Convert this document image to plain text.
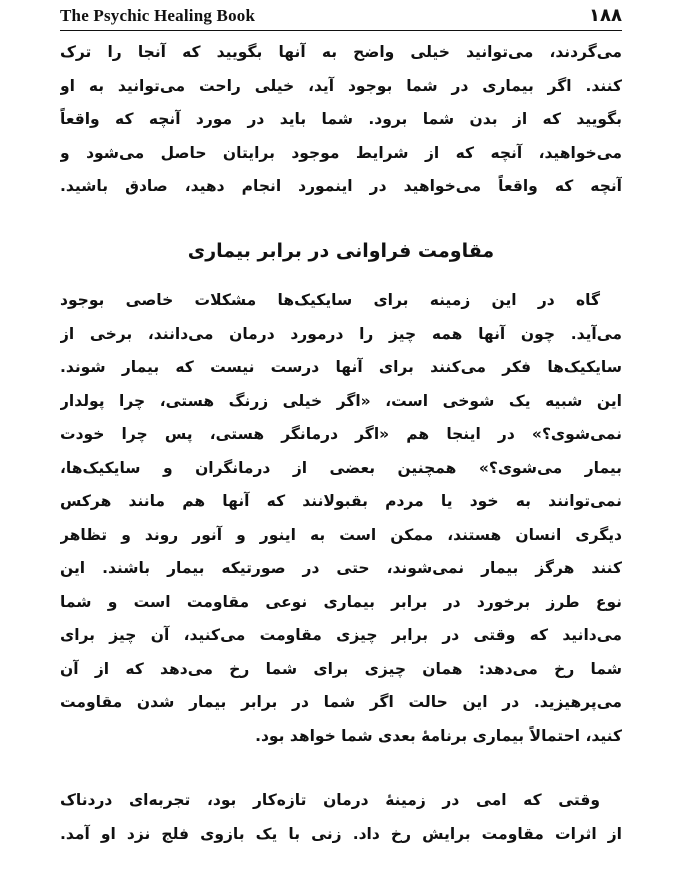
The Psychic Healing Book	۱۸۸
می‌گردند، می‌توانید خیلی واضح به آنها بگویید که آنجا را ترک
کنند. اگر بیماری در شما بوجود آید، خیلی راحت می‌توانید به او
بگویید که از بدن شما برود. شما باید در مورد آنچه که واقعاً
می‌خواهید، آنچه که از شرایط موجود برایتان حاصل می‌شود و
آنچه که واقعاً می‌خواهید در اینمورد انجام دهید، صادق باشید.
مقاومت فراوانی در برابر بیماری
گاه در این زمینه برای سایکیک‌ها مشکلات خاصی بوجود
می‌آید. چون آنها همه چیز را درمورد درمان می‌دانند، برخی از
سایکیک‌ها فکر می‌کنند برای آنها درست نیست که بیمار شوند.
این شبیه یک شوخی است، «اگر خیلی زرنگ هستی، چرا پولدار
نمی‌شوی؟» در اینجا هم «اگر درمانگر هستی، پس چرا خودت
بیمار می‌شوی؟» همچنین بعضی از درمانگران و سایکیک‌ها،
نمی‌توانند به خود یا مردم بقبولانند که آنها هم مانند هرکس
دیگری انسان هستند، ممکن است به اینور و آنور روند و تظاهر
کنند هرگز بیمار نمی‌شوند، حتی در صورتیکه بیمار باشند. این
نوع طرز برخورد در برابر بیماری نوعی مقاومت است و شما
می‌دانید که وقتی در برابر چیزی مقاومت می‌کنید، آن چیز برای
شما رخ می‌دهد: همان چیزی برای شما رخ می‌دهد که از آن
می‌پرهیزید. در این حالت اگر شما در برابر بیمار شدن مقاومت
کنید، احتمالاً بیماری برنامهٔ بعدی شما خواهد بود.
وقتی که امی در زمینهٔ درمان تازه‌کار بود، تجربه‌ای دردناک
از اثرات مقاومت برایش رخ داد. زنی با یک بازوی فلج نزد او آمد.
